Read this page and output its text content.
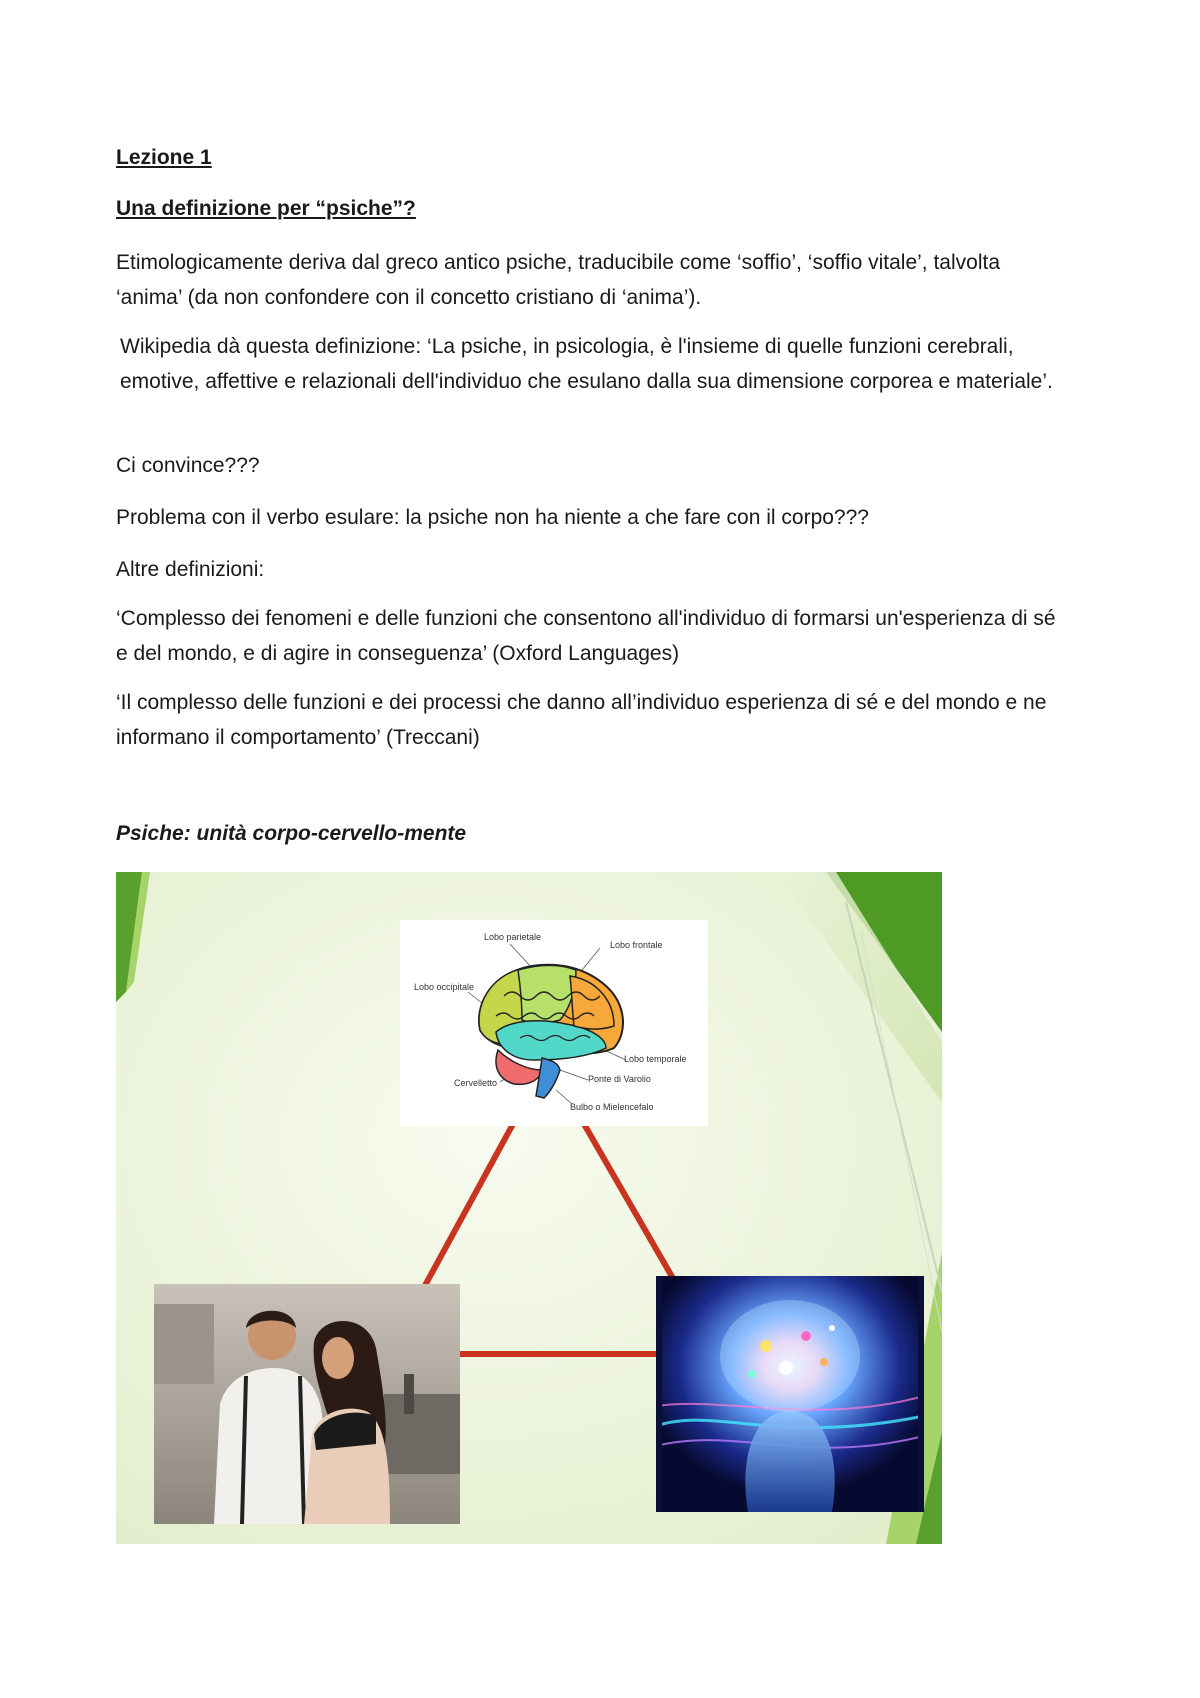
Lezione 1
Una definizione per “psiche”?

Etimologicamente deriva dal greco antico psiche, traducibile come ‘soffio’, ‘soffio vitale’, talvolta ‘anima’ (da non confondere con il concetto cristiano di ‘anima’).

Wikipedia dà questa definizione: ‘La psiche, in psicologia, è l'insieme di quelle funzioni cerebrali, emotive, affettive e relazionali dell'individuo che esulano dalla sua dimensione corporea e materiale’.

Ci convince???

Problema con il verbo esulare: la psiche non ha niente a che fare con il corpo???

Altre definizioni:

‘Complesso dei fenomeni e delle funzioni che consentono all'individuo di formarsi un'esperienza di sé e del mondo, e di agire in conseguenza’ (Oxford Languages)

‘Il complesso delle funzioni e dei processi che danno all’individuo esperienza di sé e del mondo e ne informano il comportamento’ (Treccani)

Psiche: unità corpo-cervello-mente
Lobo parietale
Lobo frontale
Lobo occipitale
Lobo temporale
Ponte di Varolio
Cervelletto
Bulbo o Mielencefalo
